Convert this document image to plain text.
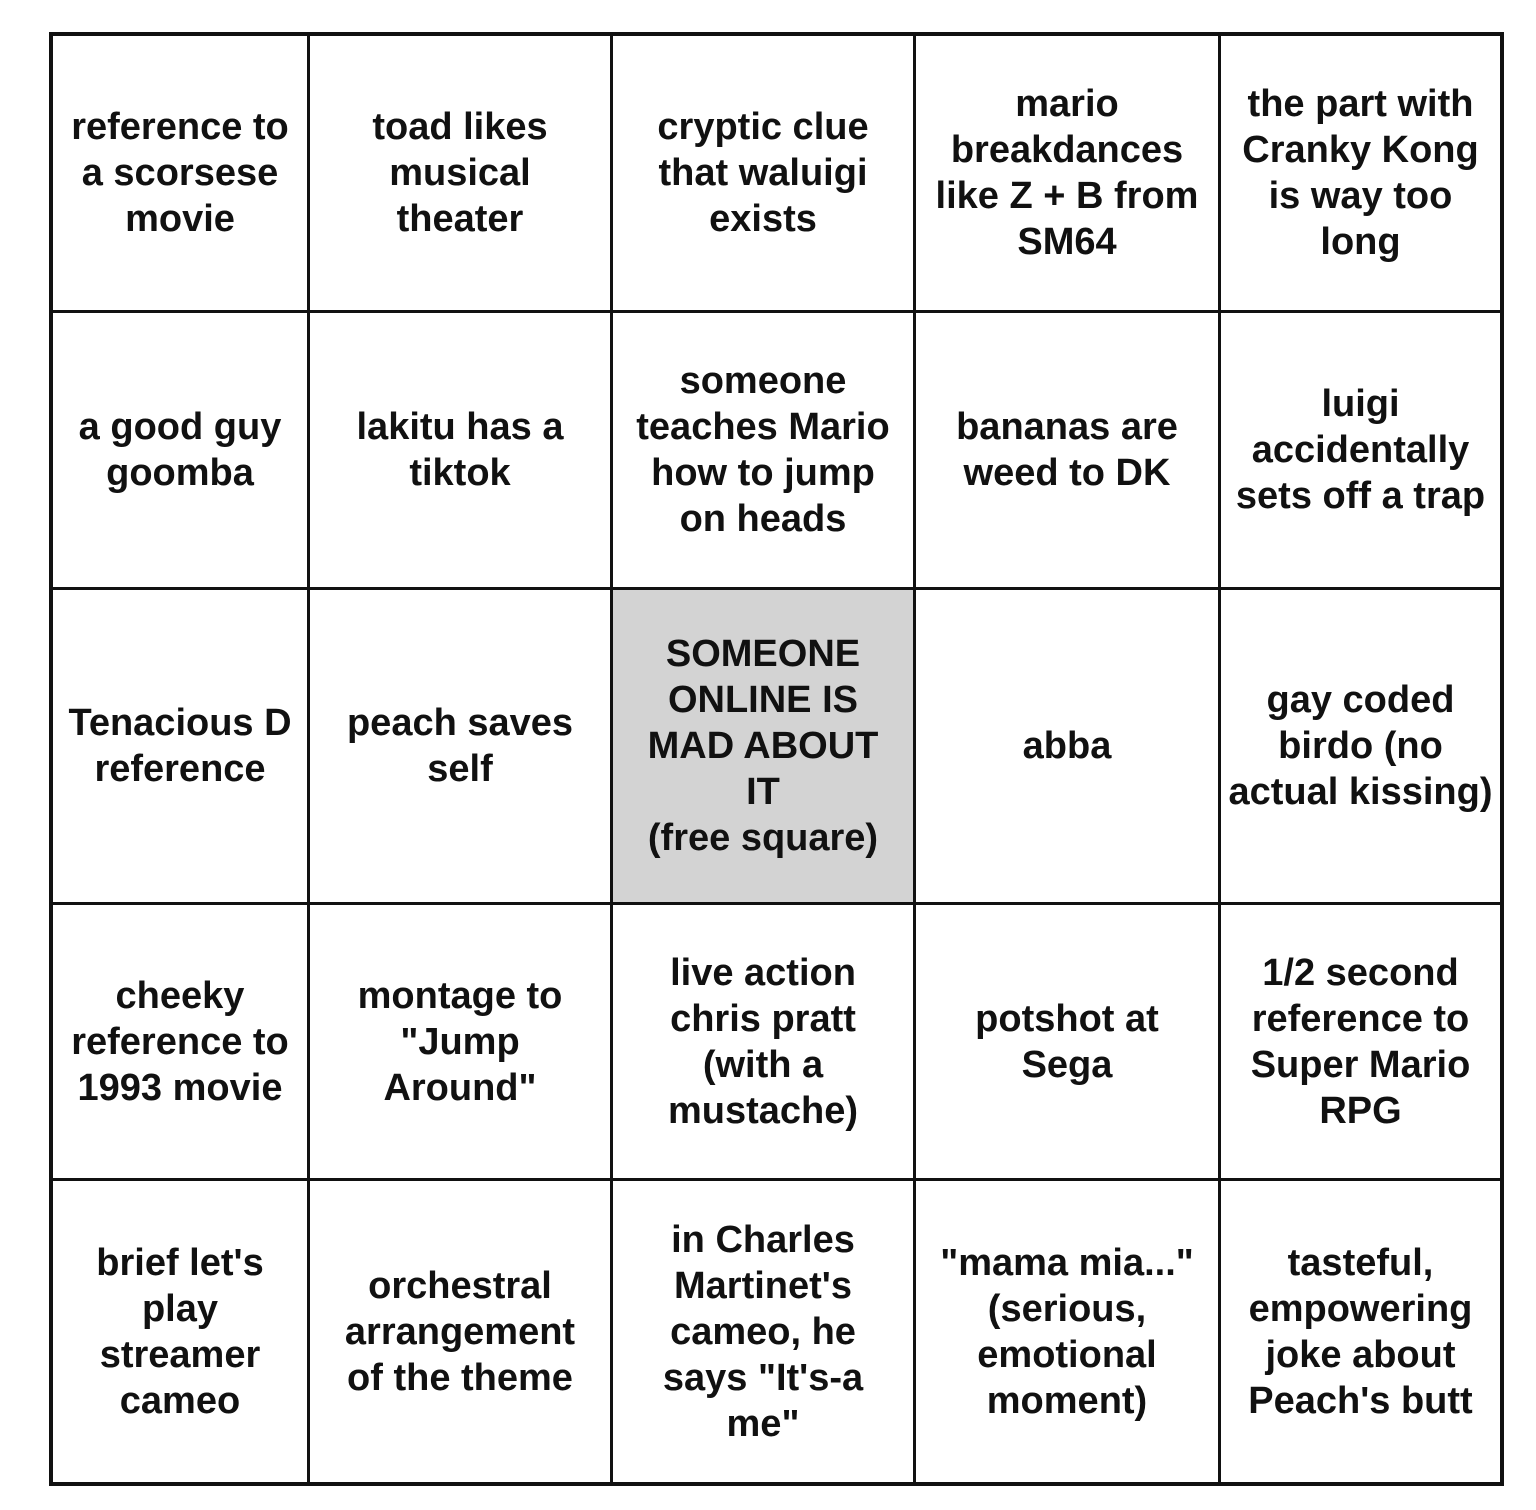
reference to
a scorsese
movie
toad likes
musical
theater
cryptic clue
that waluigi
exists
mario
breakdances
like Z + B from
SM64
the part with
Cranky Kong
is way too
long
a good guy
goomba
lakitu has a
tiktok
someone
teaches Mario
how to jump
on heads
bananas are
weed to DK
luigi
accidentally
sets off a trap
Tenacious D
reference
peach saves
self
SOMEONE
ONLINE IS
MAD ABOUT
IT
(free square)
abba
gay coded
birdo (no
actual kissing)
cheeky
reference to
1993 movie
montage to
"Jump
Around"
live action
chris pratt
(with a
mustache)
potshot at
Sega
1/2 second
reference to
Super Mario
RPG
brief let's
play
streamer
cameo
orchestral
arrangement
of the theme
in Charles
Martinet's
cameo, he
says "It's-a
me"
"mama mia..."
(serious,
emotional
moment)
tasteful,
empowering
joke about
Peach's butt
